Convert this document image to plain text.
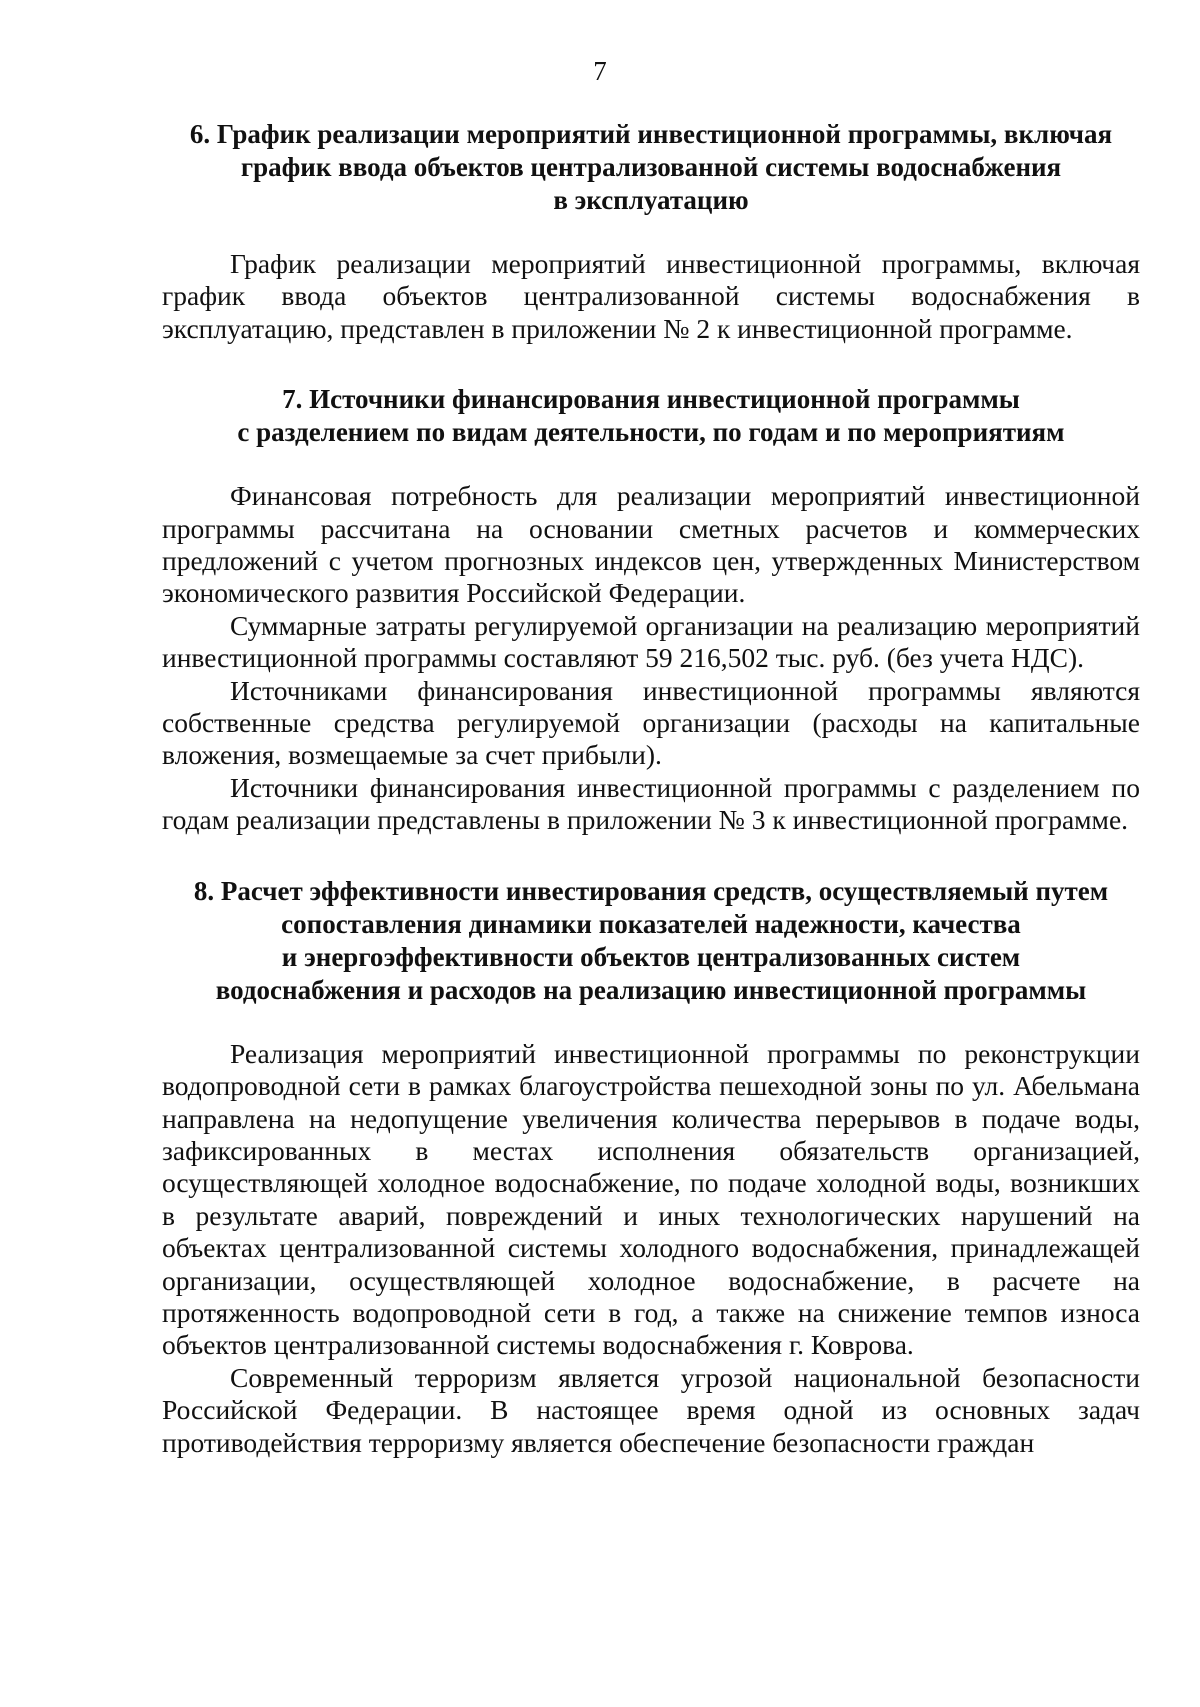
7
6. График реализации мероприятий инвестиционной программы, включая
график ввода объектов централизованной системы водоснабжения
в эксплуатацию

График реализации мероприятий инвестиционной программы, включая график ввода объектов централизованной системы водоснабжения в эксплуатацию, представлен в приложении № 2 к инвестиционной программе.

7. Источники финансирования инвестиционной программы
с разделением по видам деятельности, по годам и по мероприятиям

Финансовая потребность для реализации мероприятий инвестиционной программы рассчитана на основании сметных расчетов и коммерческих предложений с учетом прогнозных индексов цен, утвержденных Министерством экономического развития Российской Федерации.

Суммарные затраты регулируемой организации на реализацию мероприятий инвестиционной программы составляют 59 216,502 тыс. руб. (без учета НДС).

Источниками финансирования инвестиционной программы являются собственные средства регулируемой организации (расходы на капитальные вложения, возмещаемые за счет прибыли).

Источники финансирования инвестиционной программы с разделением по годам реализации представлены в приложении № 3 к инвестиционной программе.

8. Расчет эффективности инвестирования средств, осуществляемый путем
сопоставления динамики показателей надежности, качества
и энергоэффективности объектов централизованных систем
водоснабжения и расходов на реализацию инвестиционной программы

Реализация мероприятий инвестиционной программы по реконструкции водопроводной сети в рамках благоустройства пешеходной зоны по ул. Абельмана направлена на недопущение увеличения количества перерывов в подаче воды, зафиксированных в местах исполнения обязательств организацией, осуществляющей холодное водоснабжение, по подаче холодной воды, возникших в результате аварий, повреждений и иных технологических нарушений на объектах централизованной системы холодного водоснабжения, принадлежащей организации, осуществляющей холодное водоснабжение, в расчете на протяженность водопроводной сети в год, а также на снижение темпов износа объектов централизованной системы водоснабжения г. Коврова.

Современный терроризм является угрозой национальной безопасности Российской Федерации. В настоящее время одной из основных задач противодействия терроризму является обеспечение безопасности граждан
